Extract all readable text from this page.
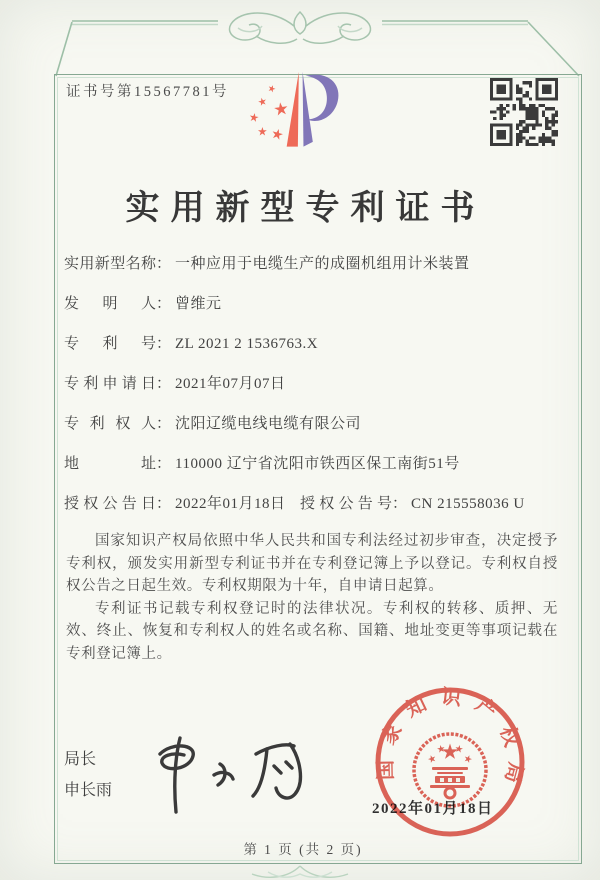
证书号第15567781号
实用新型专利证书
实用新型名称： 一种应用于电缆生产的成圈机组用计米装置
发明人： 曾维元
专利号： ZL 2021 2 1536763.X
专利申请日： 2021年07月07日
专利权人： 沈阳辽缆电线电缆有限公司
地址： 110000 辽宁省沈阳市铁西区保工南街51号
授权公告日： 2022年01月18日 授权公告号： CN 215558036 U

国家知识产权局依照中华人民共和国专利法经过初步审查，决定授予专利权，颁发实用新型专利证书并在专利登记簿上予以登记。专利权自授权公告之日起生效。专利权期限为十年，自申请日起算。

专利证书记载专利权登记时的法律状况。专利权的转移、质押、无效、终止、恢复和专利权人的姓名或名称、国籍、地址变更等事项记载在专利登记簿上。

局长
申长雨
2022年01月18日
国家知识产权局
第 1 页 (共 2 页)
